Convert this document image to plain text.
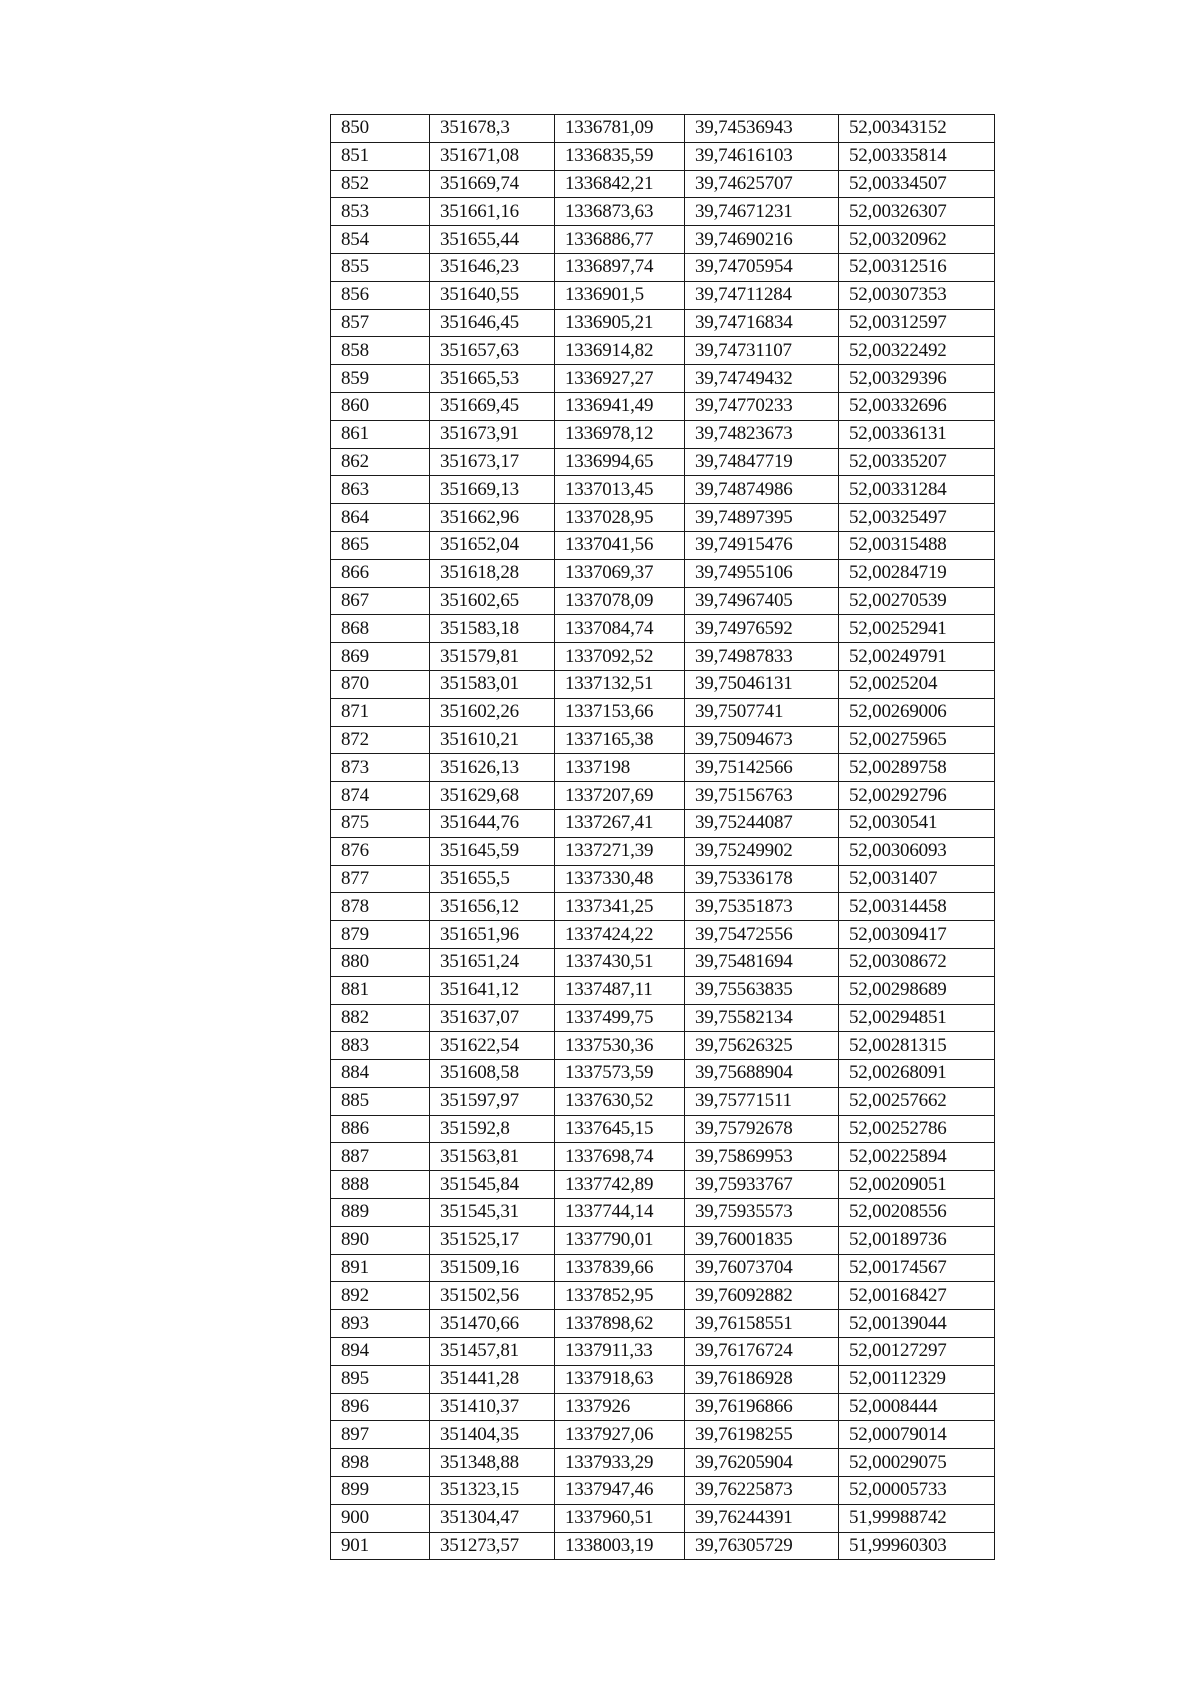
850	351678,3	1336781,09	39,74536943	52,00343152
851	351671,08	1336835,59	39,74616103	52,00335814
852	351669,74	1336842,21	39,74625707	52,00334507
853	351661,16	1336873,63	39,74671231	52,00326307
854	351655,44	1336886,77	39,74690216	52,00320962
855	351646,23	1336897,74	39,74705954	52,00312516
856	351640,55	1336901,5	39,74711284	52,00307353
857	351646,45	1336905,21	39,74716834	52,00312597
858	351657,63	1336914,82	39,74731107	52,00322492
859	351665,53	1336927,27	39,74749432	52,00329396
860	351669,45	1336941,49	39,74770233	52,00332696
861	351673,91	1336978,12	39,74823673	52,00336131
862	351673,17	1336994,65	39,74847719	52,00335207
863	351669,13	1337013,45	39,74874986	52,00331284
864	351662,96	1337028,95	39,74897395	52,00325497
865	351652,04	1337041,56	39,74915476	52,00315488
866	351618,28	1337069,37	39,74955106	52,00284719
867	351602,65	1337078,09	39,74967405	52,00270539
868	351583,18	1337084,74	39,74976592	52,00252941
869	351579,81	1337092,52	39,74987833	52,00249791
870	351583,01	1337132,51	39,75046131	52,0025204
871	351602,26	1337153,66	39,7507741	52,00269006
872	351610,21	1337165,38	39,75094673	52,00275965
873	351626,13	1337198	39,75142566	52,00289758
874	351629,68	1337207,69	39,75156763	52,00292796
875	351644,76	1337267,41	39,75244087	52,0030541
876	351645,59	1337271,39	39,75249902	52,00306093
877	351655,5	1337330,48	39,75336178	52,0031407
878	351656,12	1337341,25	39,75351873	52,00314458
879	351651,96	1337424,22	39,75472556	52,00309417
880	351651,24	1337430,51	39,75481694	52,00308672
881	351641,12	1337487,11	39,75563835	52,00298689
882	351637,07	1337499,75	39,75582134	52,00294851
883	351622,54	1337530,36	39,75626325	52,00281315
884	351608,58	1337573,59	39,75688904	52,00268091
885	351597,97	1337630,52	39,75771511	52,00257662
886	351592,8	1337645,15	39,75792678	52,00252786
887	351563,81	1337698,74	39,75869953	52,00225894
888	351545,84	1337742,89	39,75933767	52,00209051
889	351545,31	1337744,14	39,75935573	52,00208556
890	351525,17	1337790,01	39,76001835	52,00189736
891	351509,16	1337839,66	39,76073704	52,00174567
892	351502,56	1337852,95	39,76092882	52,00168427
893	351470,66	1337898,62	39,76158551	52,00139044
894	351457,81	1337911,33	39,76176724	52,00127297
895	351441,28	1337918,63	39,76186928	52,00112329
896	351410,37	1337926	39,76196866	52,0008444
897	351404,35	1337927,06	39,76198255	52,00079014
898	351348,88	1337933,29	39,76205904	52,00029075
899	351323,15	1337947,46	39,76225873	52,00005733
900	351304,47	1337960,51	39,76244391	51,99988742
901	351273,57	1338003,19	39,76305729	51,99960303
